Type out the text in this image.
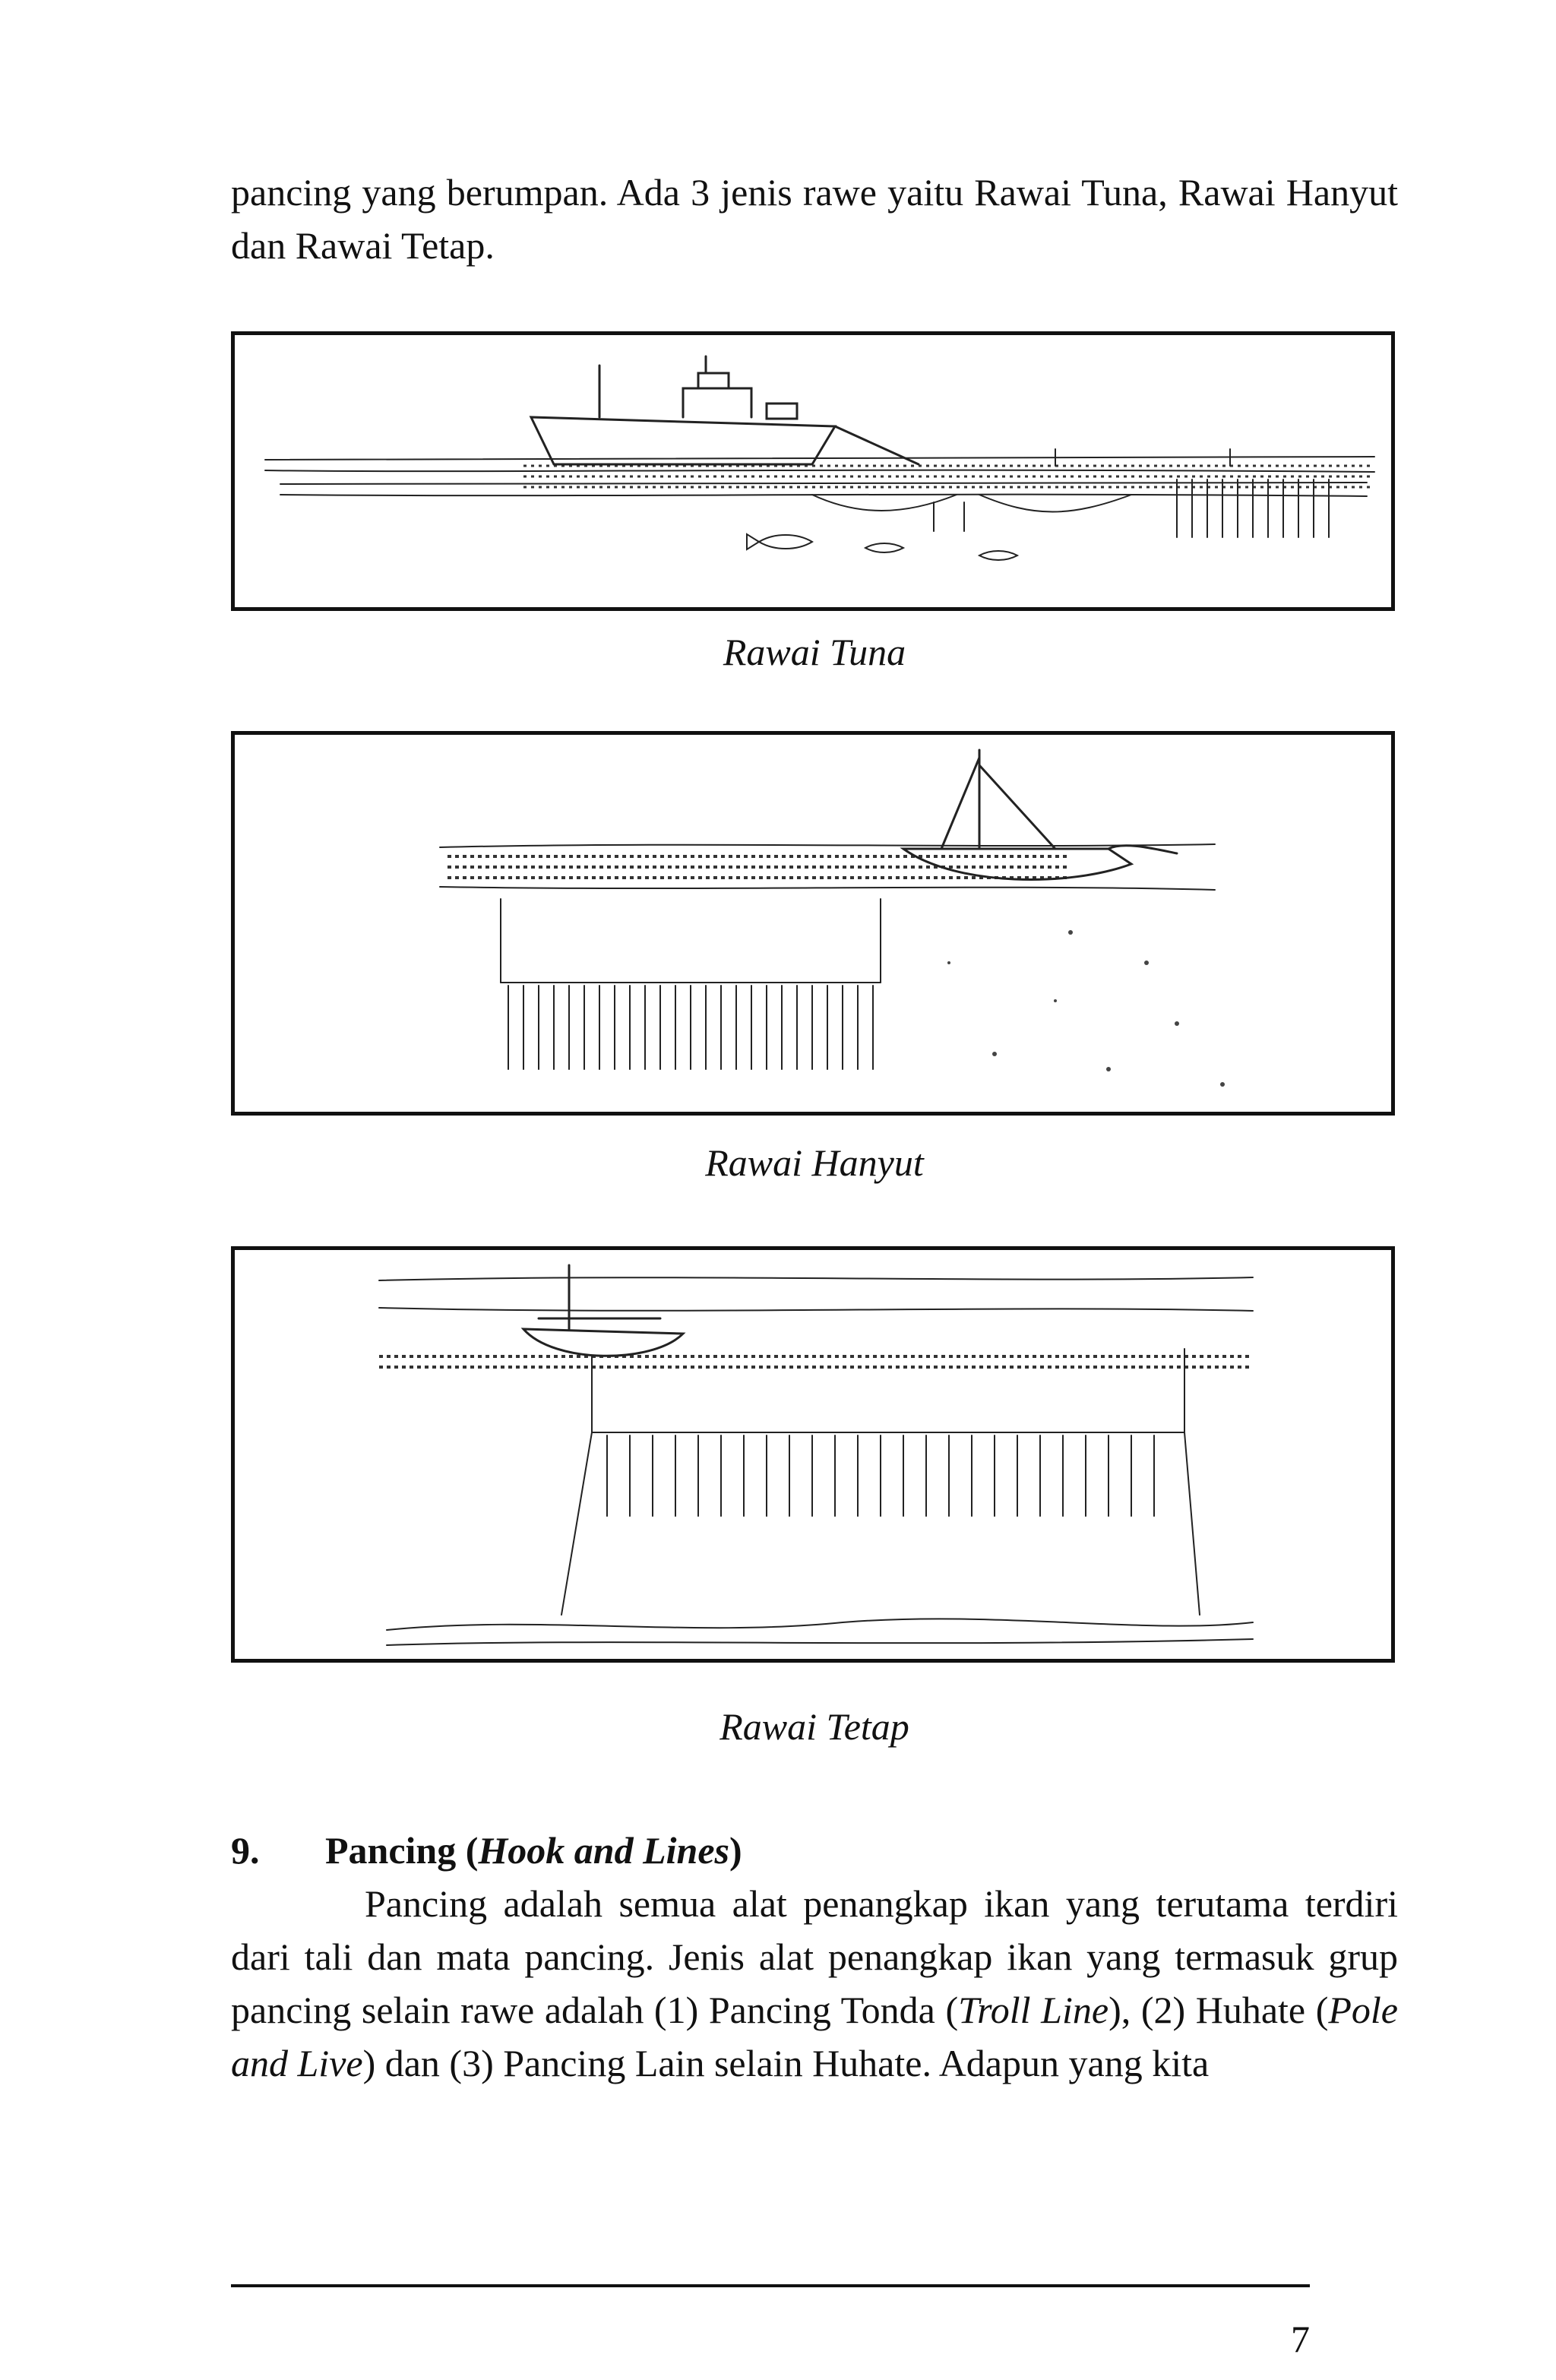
pancing yang berumpan. Ada 3 jenis rawe yaitu Rawai Tuna, Rawai Hanyut dan Rawai Tetap.
Rawai Tuna
Rawai Hanyut
Rawai Tetap
9. Pancing (Hook and Lines)
Pancing adalah semua alat penangkap ikan yang terutama terdiri dari tali dan mata pancing. Jenis alat penangkap ikan yang termasuk grup pancing selain rawe adalah (1) Pancing Tonda (Troll Line), (2) Huhate (Pole and Live) dan (3) Pancing Lain selain Huhate. Adapun yang kita
7
